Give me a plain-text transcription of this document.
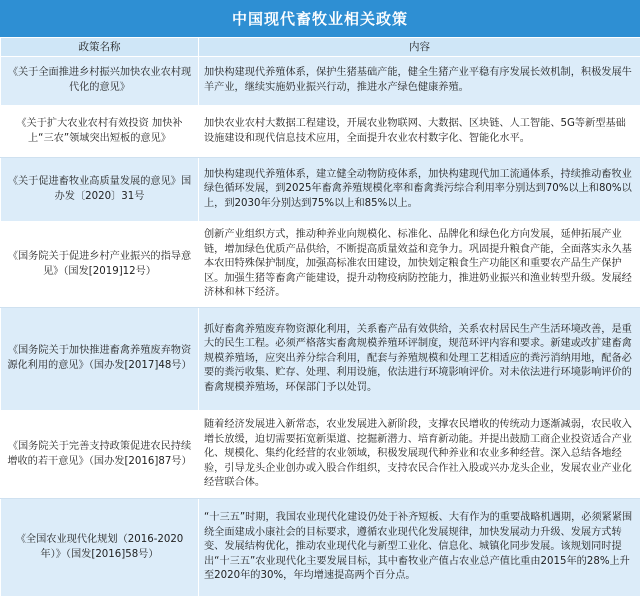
中国现代畜牧业相关政策
政策名称	内容
《关于全面推进乡村振兴加快农业农村现代化的意见》	加快构建现代养殖体系，保护生猪基础产能，健全生猪产业平稳有序发展长效机制，积极发展牛羊产业，继续实施奶业振兴行动，推进水产绿色健康养殖。
《关于扩大农业农村有效投资 加快补上“三农”领域突出短板的意见》	加快农业农村大数据工程建设，开展农业物联网、大数据、区块链、人工智能、5G等新型基础设施建设和现代信息技术应用，全面提升农业农村数字化、智能化水平。
《关于促进畜牧业高质量发展的意见》国办发〔2020〕31号	加快构建现代养殖体系，建立健全动物防疫体系，加快构建现代加工流通体系，持续推动畜牧业绿色循环发展，到2025年畜禽养殖规模化率和畜禽粪污综合利用率分别达到70%以上和80%以上，到2030年分别达到75%以上和85%以上。
《国务院关于促进乡村产业振兴的指导意见》（国发[2019]12号）	创新产业组织方式，推动种养业向规模化、标准化、品牌化和绿色化方向发展，延伸拓展产业链，增加绿色优质产品供给，不断提高质量效益和竞争力。巩固提升粮食产能，全面落实永久基本农田特殊保护制度，加强高标准农田建设，加快划定粮食生产功能区和重要农产品生产保护区。加强生猪等畜禽产能建设，提升动物疫病防控能力，推进奶业振兴和渔业转型升级。发展经济林和林下经济。
《国务院关于加快推进畜禽养殖废弃物资源化利用的意见》（国办发[2017]48号）	抓好畜禽养殖废弃物资源化利用，关系畜产品有效供给，关系农村居民生产生活环境改善，是重大的民生工程。必须严格落实畜禽规模养殖环评制度，规范环评内容和要求。新建或改扩建畜禽规模养殖场，应突出养分综合利用，配套与养殖规模和处理工艺相适应的粪污消纳用地，配备必要的粪污收集、贮存、处理、利用设施，依法进行环境影响评价。对未依法进行环境影响评价的畜禽规模养殖场，环保部门予以处罚。
《国务院关于完善支持政策促进农民持续增收的若干意见》（国办发[2016]87号）	随着经济发展进入新常态，农业发展进入新阶段，支撑农民增收的传统动力逐渐减弱，农民收入增长放缓，迫切需要拓宽新渠道、挖掘新潜力、培育新动能。并提出鼓励工商企业投资适合产业化、规模化、集约化经营的农业领域，积极发展现代种养业和农业多种经营。深入总结各地经验，引导龙头企业创办或入股合作组织，支持农民合作社入股或兴办龙头企业，发展农业产业化经营联合体。
《全国农业现代化规划（2016-2020年）》（国发[2016]58号）	“十三五”时期，我国农业现代化建设仍处于补齐短板、大有作为的重要战略机遇期，必须紧紧围绕全面建成小康社会的目标要求，遵循农业现代化发展规律，加快发展动力升级、发展方式转变、发展结构优化，推动农业现代化与新型工业化、信息化、城镇化同步发展。该规划同时提出“十三五”农业现代化主要发展目标，其中畜牧业产值占农业总产值比重由2015年的28%上升至2020年的30%，年均增速提高两个百分点。
